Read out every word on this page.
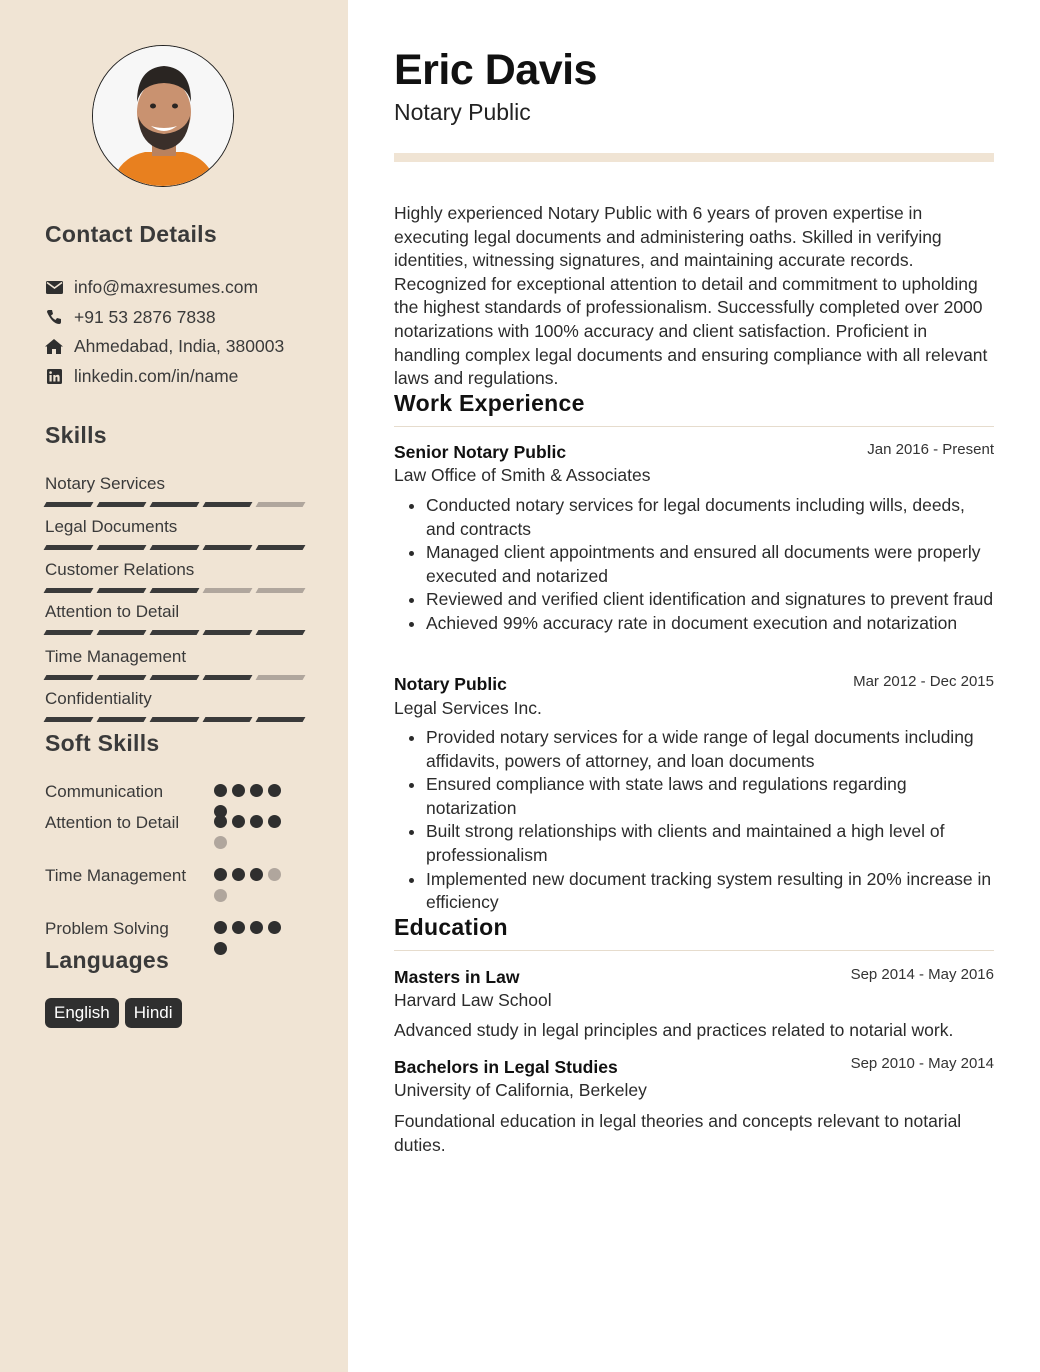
Contact Details
info@maxresumes.com
+91 53 2876 7838
Ahmedabad, India, 380003
linkedin.com/in/name
Skills
Notary Services
Legal Documents
Customer Relations
Attention to Detail
Time Management
Confidentiality
Soft Skills
Communication
Attention to Detail
Time Management
Problem Solving
Languages
English	Hindi
Eric Davis
Notary Public

Highly experienced Notary Public with 6 years of proven expertise in executing legal documents and administering oaths. Skilled in verifying identities, witnessing signatures, and maintaining accurate records. Recognized for exceptional attention to detail and commitment to upholding the highest standards of professionalism. Successfully completed over 2000 notarizations with 100% accuracy and client satisfaction. Proficient in handling complex legal documents and ensuring compliance with all relevant laws and regulations.

Work Experience
Senior Notary Public	Jan 2016 - Present
Law Office of Smith & Associates
• Conducted notary services for legal documents including wills, deeds, and contracts
• Managed client appointments and ensured all documents were properly executed and notarized
• Reviewed and verified client identification and signatures to prevent fraud
• Achieved 99% accuracy rate in document execution and notarization
Notary Public	Mar 2012 - Dec 2015
Legal Services Inc.
• Provided notary services for a wide range of legal documents including affidavits, powers of attorney, and loan documents
• Ensured compliance with state laws and regulations regarding notarization
• Built strong relationships with clients and maintained a high level of professionalism
• Implemented new document tracking system resulting in 20% increase in efficiency
Education
Masters in Law	Sep 2014 - May 2016
Harvard Law School

Advanced study in legal principles and practices related to notarial work.

Bachelors in Legal Studies	Sep 2010 - May 2014
University of California, Berkeley

Foundational education in legal theories and concepts relevant to notarial duties.
